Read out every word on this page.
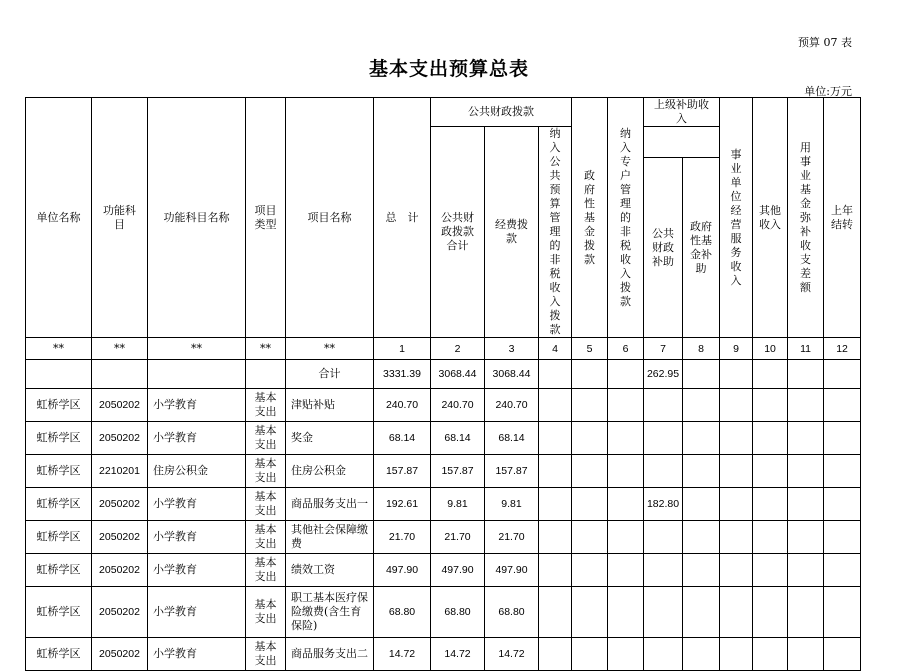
预算 07 表
基本支出预算总表
单位:万元
单位名称	功能科目	功能科目名称	项目类型	项目名称	总　计	公共财政拨款			政府性基金拨款	纳入专户管理的非税收入拨款	上级补助收入		事业单位经营服务收入	其他收入	用事业基金弥补收支差额	上年结转
						公共财政拨款合计	经费拨款	纳入公共预算管理的非税收入拨款								
											公共财政补助	政府性基金补助				
**	**	**	**	**	1	2	3	4	5	6	7	8	9	10	11	12
				合计	3331.39	3068.44	3068.44				262.95					
虹桥学区	2050202	小学教育	基本支出	津贴补贴	240.70	240.70	240.70									
虹桥学区	2050202	小学教育	基本支出	奖金	68.14	68.14	68.14									
虹桥学区	2210201	住房公积金	基本支出	住房公积金	157.87	157.87	157.87									
虹桥学区	2050202	小学教育	基本支出	商品服务支出一	192.61	9.81	9.81				182.80					
虹桥学区	2050202	小学教育	基本支出	其他社会保障缴费	21.70	21.70	21.70									
虹桥学区	2050202	小学教育	基本支出	绩效工资	497.90	497.90	497.90									
虹桥学区	2050202	小学教育	基本支出	职工基本医疗保险缴费(含生育保险)	68.80	68.80	68.80									
虹桥学区	2050202	小学教育	基本支出	商品服务支出二	14.72	14.72	14.72									
